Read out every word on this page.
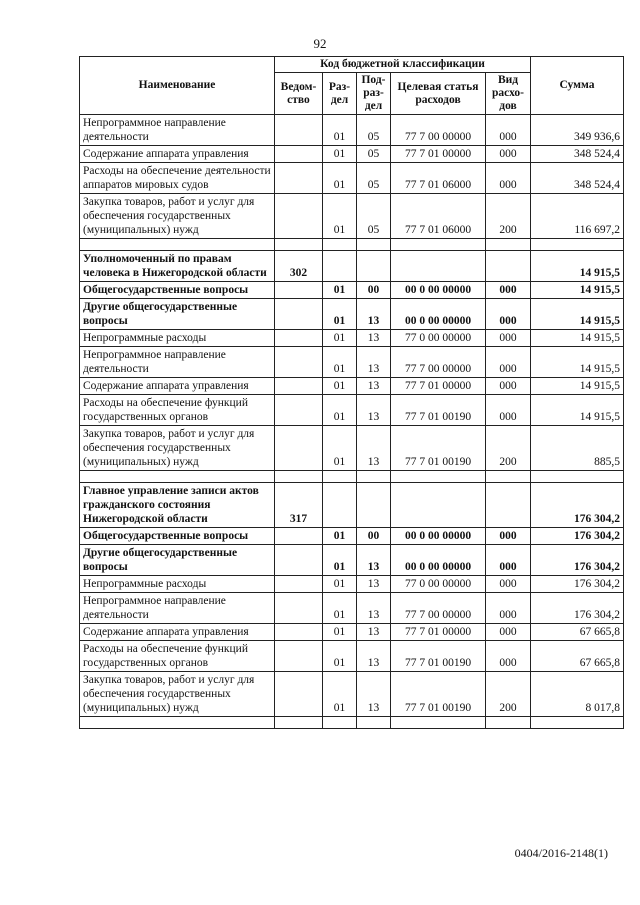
92
Наименование	Код бюджетной классификации					Сумма
	Ведом-ство	Раз-дел	Под-раз-дел	Целевая статья расходов	Вид расхо-дов	
Непрограммное направление деятельности		01	05	77 7 00 00000	000	349 936,6
Содержание аппарата управления		01	05	77 7 01 00000	000	348 524,4
Расходы на обеспечение деятельности аппаратов мировых судов		01	05	77 7 01 06000	000	348 524,4
Закупка товаров, работ и услуг для обеспечения государственных (муниципальных) нужд		01	05	77 7 01 06000	200	116 697,2

Уполномоченный по правам человека в Нижегородской области	302					14 915,5
Общегосударственные вопросы		01	00	00 0 00 00000	000	14 915,5
Другие общегосударственные вопросы		01	13	00 0 00 00000	000	14 915,5
Непрограммные расходы		01	13	77 0 00 00000	000	14 915,5
Непрограммное направление деятельности		01	13	77 7 00 00000	000	14 915,5
Содержание аппарата управления		01	13	77 7 01 00000	000	14 915,5
Расходы на обеспечение функций государственных органов		01	13	77 7 01 00190	000	14 915,5
Закупка товаров, работ и услуг для обеспечения государственных (муниципальных) нужд		01	13	77 7 01 00190	200	885,5

Главное управление записи актов гражданского состояния Нижегородской области	317					176 304,2
Общегосударственные вопросы		01	00	00 0 00 00000	000	176 304,2
Другие общегосударственные вопросы		01	13	00 0 00 00000	000	176 304,2
Непрограммные расходы		01	13	77 0 00 00000	000	176 304,2
Непрограммное направление деятельности		01	13	77 7 00 00000	000	176 304,2
Содержание аппарата управления		01	13	77 7 01 00000	000	67 665,8
Расходы на обеспечение функций государственных органов		01	13	77 7 01 00190	000	67 665,8
Закупка товаров, работ и услуг для обеспечения государственных (муниципальных) нужд		01	13	77 7 01 00190	200	8 017,8

0404/2016-2148(1)
